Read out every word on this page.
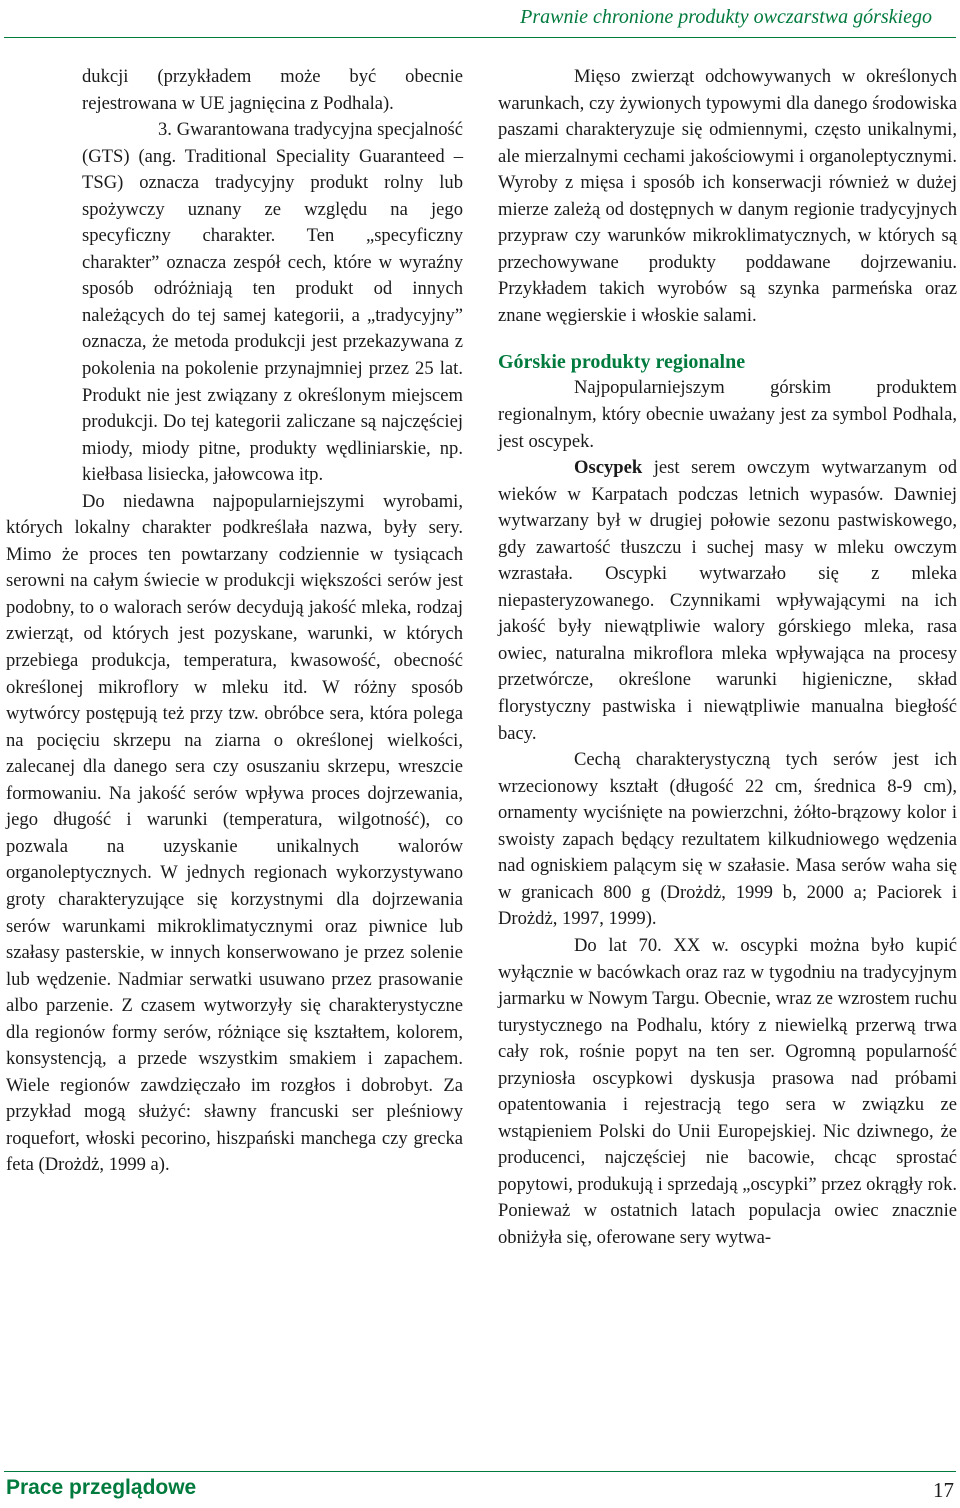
Prawnie chronione produkty owczarstwa górskiego

dukcji (przykładem może być obecnie rejestrowana w UE jagnięcina z Podhala).

3. Gwarantowana tradycyjna specjalność (GTS) (ang. Traditional Speciality Guaranteed – TSG) oznacza tradycyjny produkt rolny lub spożywczy uznany ze względu na jego specyficzny charakter. Ten „specyficzny charakter” oznacza zespół cech, które w wyraźny sposób odróżniają ten produkt od innych należących do tej samej kategorii, a „tradycyjny” oznacza, że metoda produkcji jest przekazywana z pokolenia na pokolenie przynajmniej przez 25 lat. Produkt nie jest związany z określonym miejscem produkcji. Do tej kategorii zaliczane są najczęściej miody, miody pitne, produkty wędliniarskie, np. kiełbasa lisiecka, jałowcowa itp.

Do niedawna najpopularniejszymi wyrobami, których lokalny charakter podkreślała nazwa, były sery. Mimo że proces ten powtarzany codziennie w tysiącach serowni na całym świecie w produkcji większości serów jest podobny, to o walorach serów decydują jakość mleka, rodzaj zwierząt, od których jest pozyskane, warunki, w których przebiega produkcja, temperatura, kwasowość, obecność określonej mikroflory w mleku itd. W różny sposób wytwórcy postępują też przy tzw. obróbce sera, która polega na pocięciu skrzepu na ziarna o określonej wielkości, zalecanej dla danego sera czy osuszaniu skrzepu, wreszcie formowaniu. Na jakość serów wpływa proces dojrzewania, jego długość i warunki (temperatura, wilgotność), co pozwala na uzyskanie unikalnych walorów organoleptycznych. W jednych regionach wykorzystywano groty charakteryzujące się korzystnymi dla dojrzewania serów warunkami mikroklimatycznymi oraz piwnice lub szałasy pasterskie, w innych konserwowano je przez solenie lub wędzenie. Nadmiar serwatki usuwano przez prasowanie albo parzenie. Z czasem wytworzyły się charakterystyczne dla regionów formy serów, różniące się kształtem, kolorem, konsystencją, a przede wszystkim smakiem i zapachem. Wiele regionów zawdzięczało im rozgłos i dobrobyt. Za przykład mogą służyć: sławny francuski ser pleśniowy roquefort, włoski pecorino, hiszpański manchega czy grecka feta (Drożdż, 1999 a).

Mięso zwierząt odchowywanych w określonych warunkach, czy żywionych typowymi dla danego środowiska paszami charakteryzuje się odmiennymi, często unikalnymi, ale mierzalnymi cechami jakościowymi i organoleptycznymi. Wyroby z mięsa i sposób ich konserwacji również w dużej mierze zależą od dostępnych w danym regionie tradycyjnych przypraw czy warunków mikroklimatycznych, w których są przechowywane produkty poddawane dojrzewaniu. Przykładem takich wyrobów są szynka parmeńska oraz znane węgierskie i włoskie salami.

Górskie produkty regionalne

Najpopularniejszym górskim produktem regionalnym, który obecnie uważany jest za symbol Podhala, jest oscypek.

Oscypek jest serem owczym wytwarzanym od wieków w Karpatach podczas letnich wypasów. Dawniej wytwarzany był w drugiej połowie sezonu pastwiskowego, gdy zawartość tłuszczu i suchej masy w mleku owczym wzrastała. Oscypki wytwarzało się z mleka niepasteryzowanego. Czynnikami wpływającymi na ich jakość były niewątpliwie walory górskiego mleka, rasa owiec, naturalna mikroflora mleka wpływająca na procesy przetwórcze, określone warunki higieniczne, skład florystyczny pastwiska i niewątpliwie manualna biegłość bacy.

Cechą charakterystyczną tych serów jest ich wrzecionowy kształt (długość 22 cm, średnica 8-9 cm), ornamenty wyciśnięte na powierzchni, żółto-brązowy kolor i swoisty zapach będący rezultatem kilkudniowego wędzenia nad ogniskiem palącym się w szałasie. Masa serów waha się w granicach 800 g (Drożdż, 1999 b, 2000 a; Paciorek i Drożdż, 1997, 1999).

Do lat 70. XX w. oscypki można było kupić wyłącznie w bacówkach oraz raz w tygodniu na tradycyjnym jarmarku w Nowym Targu. Obecnie, wraz ze wzrostem ruchu turystycznego na Podhalu, który z niewielką przerwą trwa cały rok, rośnie popyt na ten ser. Ogromną popularność przyniosła oscypkowi dyskusja prasowa nad próbami opatentowania i rejestracją tego sera w związku ze wstąpieniem Polski do Unii Europejskiej. Nic dziwnego, że producenci, najczęściej nie bacowie, chcąc sprostać popytowi, produkują i sprzedają „oscypki” przez okrągły rok. Ponieważ w ostatnich latach populacja owiec znacznie obniżyła się, oferowane sery wytwa-

Prace przeglądowe	17
